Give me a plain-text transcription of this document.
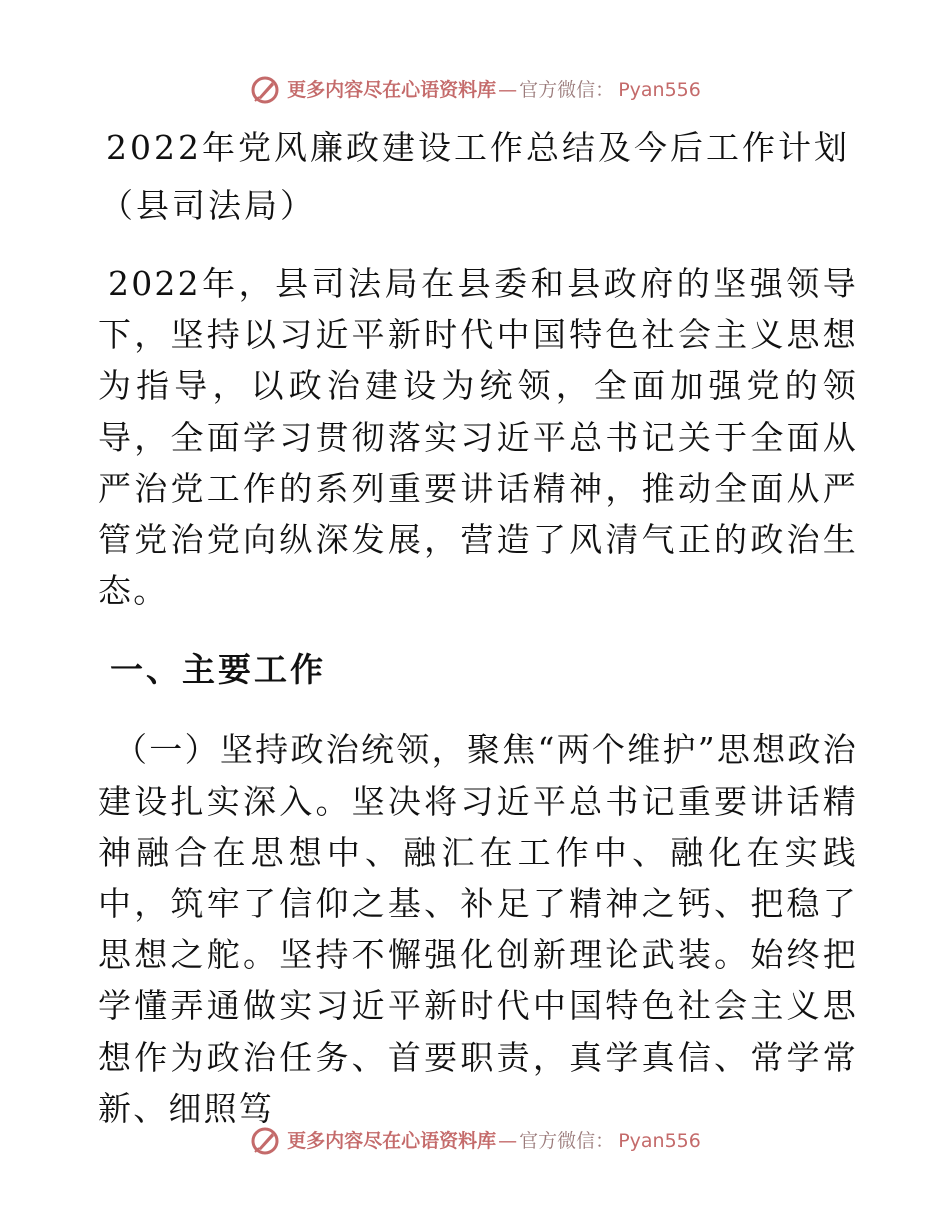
更多内容尽在心语资料库 — 官方微信： Pyan556
2022年党风廉政建设工作总结及今后工作计划
（县司法局）

2022年，县司法局在县委和县政府的坚强领导下，坚持以习近平新时代中国特色社会主义思想为指导，以政治建设为统领，全面加强党的领导，全面学习贯彻落实习近平总书记关于全面从严治党工作的系列重要讲话精神，推动全面从严管党治党向纵深发展，营造了风清气正的政治生态。

一、主要工作

（一）坚持政治统领，聚焦“两个维护”思想政治建设扎实深入。坚决将习近平总书记重要讲话精神融合在思想中、融汇在工作中、融化在实践中，筑牢了信仰之基、补足了精神之钙、把稳了思想之舵。坚持不懈强化创新理论武装。始终把学懂弄通做实习近平新时代中国特色社会主义思想作为政治任务、首要职责，真学真信、常学常新、细照笃

更多内容尽在心语资料库 — 官方微信： Pyan556
